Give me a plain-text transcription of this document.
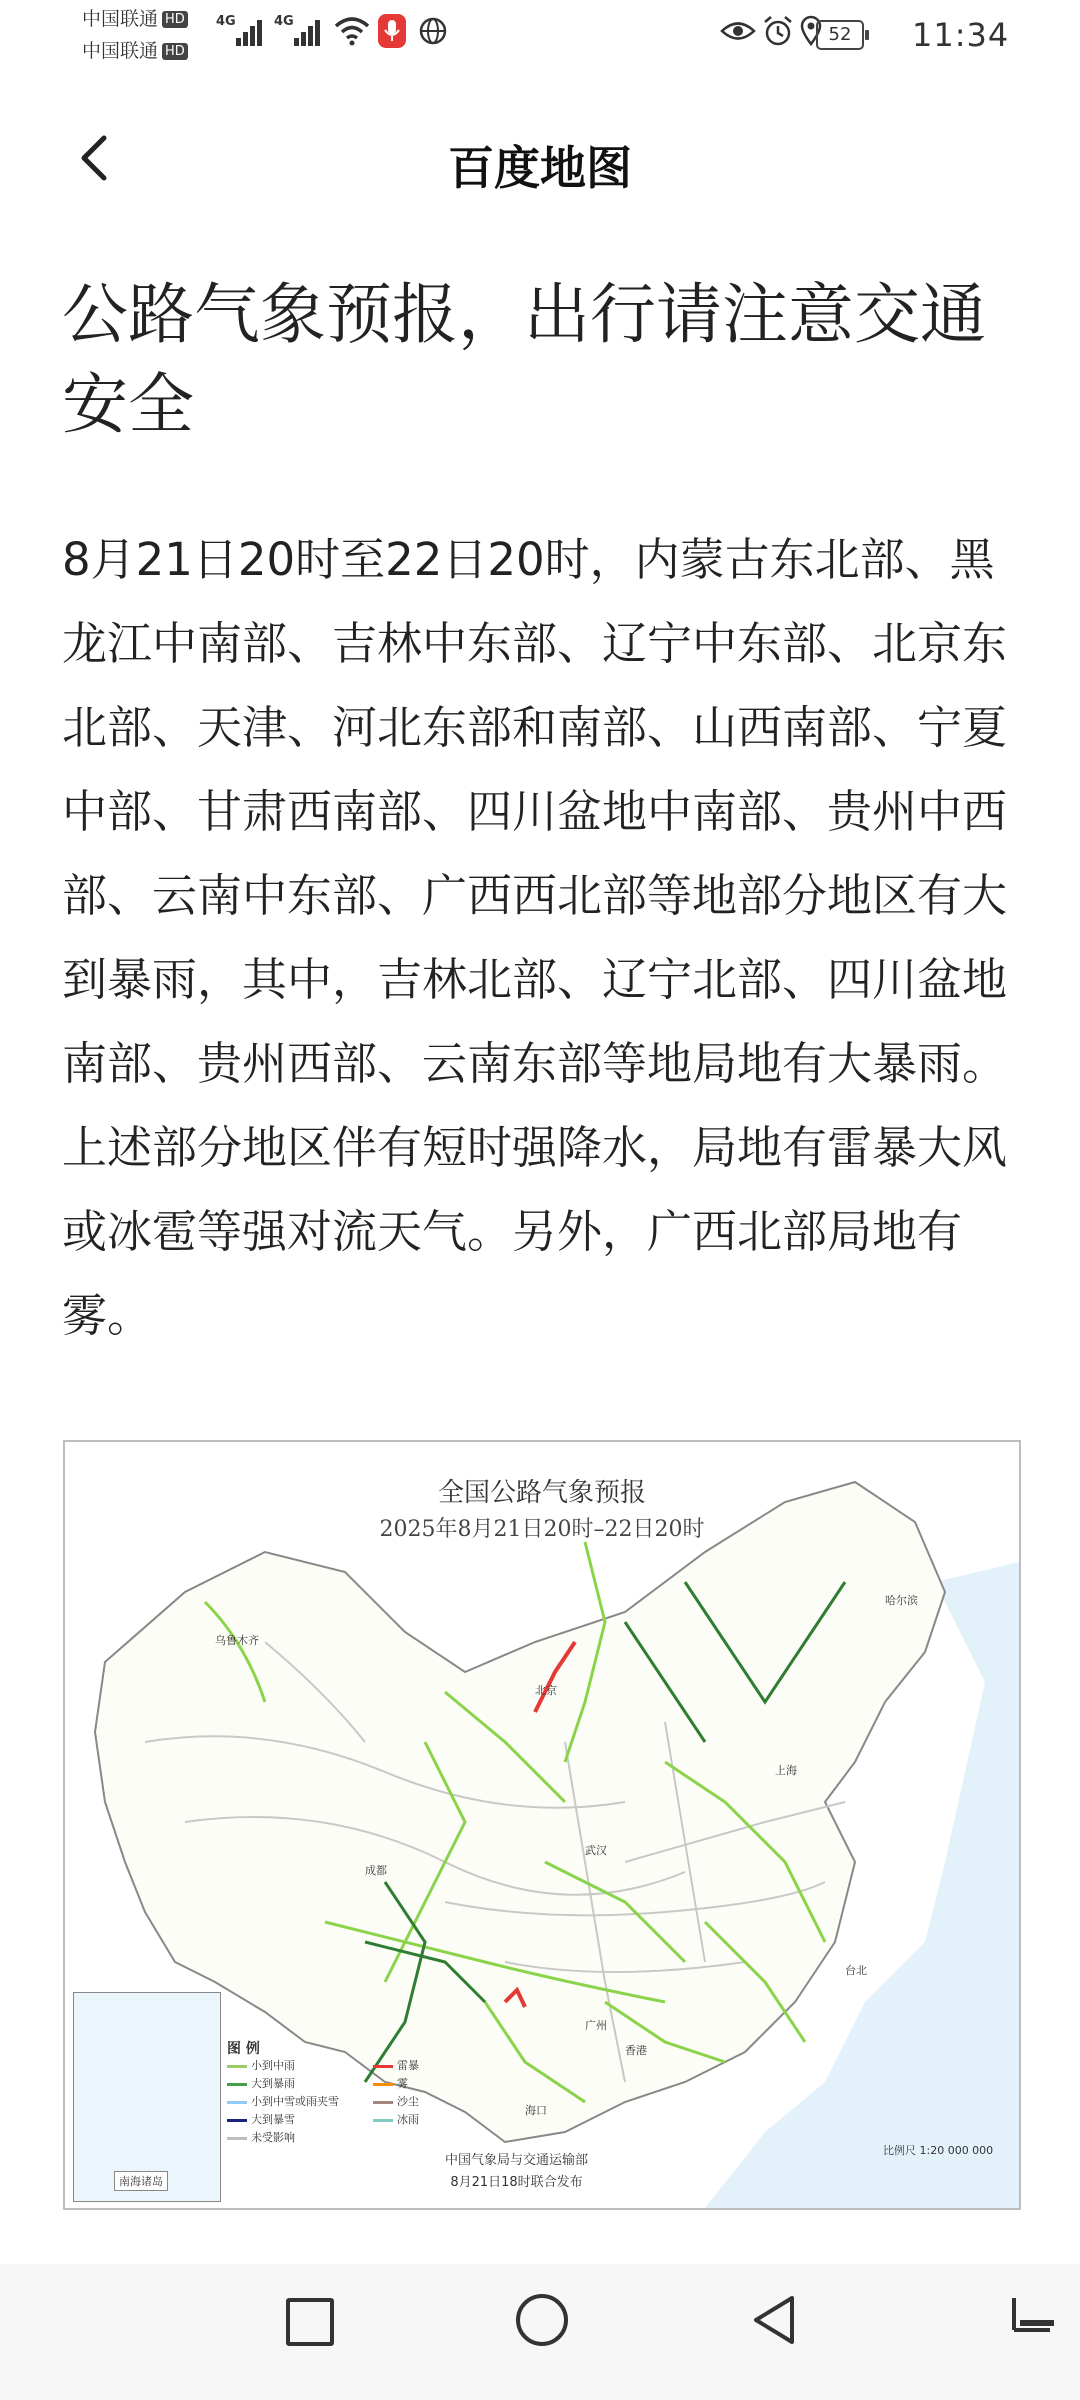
中国联通 HD
中国联通 HD
4G	4G
52	11:34
百度地图
公路气象预报，出行请注意交通安全

8月21日20时至22日20时，内蒙古东北部、黑龙江中南部、吉林中东部、辽宁中东部、北京东北部、天津、河北东部和南部、山西南部、宁夏中部、甘肃西南部、四川盆地中南部、贵州中西部、云南中东部、广西西北部等地部分地区有大到暴雨，其中，吉林北部、辽宁北部、四川盆地南部、贵州西部、云南东部等地局地有大暴雨。上述部分地区伴有短时强降水，局地有雷暴大风或冰雹等强对流天气。另外，广西北部局地有雾。

全国公路气象预报
2025年8月21日20时–22日20时
乌鲁木齐
哈尔滨
北京
上海
成都
武汉
广州
香港
海口
台北
南海诸岛
图 例
小到中雨
大到暴雨
小到中雪或雨夹雪
大到暴雪
未受影响
雷暴
雾
沙尘
冰雨
中国气象局与交通运输部
8月21日18时联合发布
比例尺 1:20 000 000
